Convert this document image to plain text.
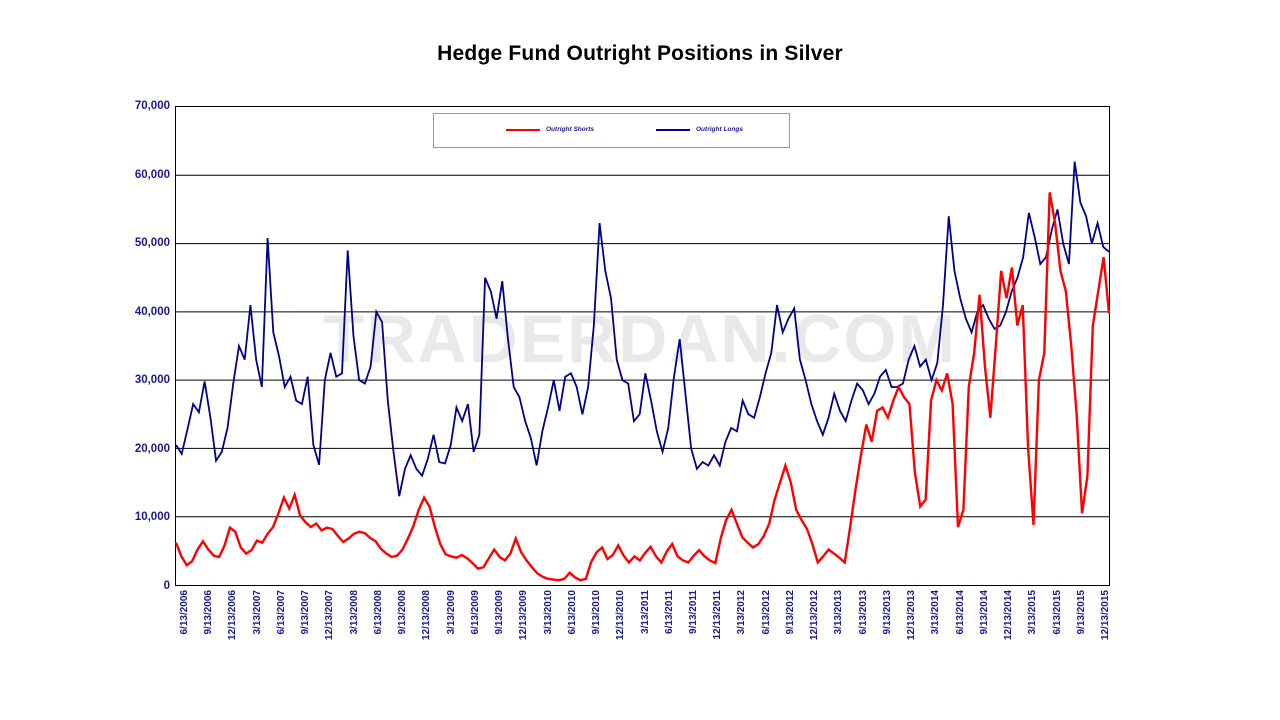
Hedge Fund Outright Positions in Silver
TRADERDAN.COM
0
10,000
20,000
30,000
40,000
50,000
60,000
70,000
Outright Shorts	Outright Longs
6/13/2006 9/13/2006 12/13/2006 3/13/2007 6/13/2007 9/13/2007 12/13/2007 3/13/2008 6/13/2008 9/13/2008 12/13/2008 3/13/2009 6/13/2009 9/13/2009 12/13/2009 3/13/2010 6/13/2010 9/13/2010 12/13/2010 3/13/2011 6/13/2011 9/13/2011 12/13/2011 3/13/2012 6/13/2012 9/13/2012 12/13/2012 3/13/2013 6/13/2013 9/13/2013 12/13/2013 3/13/2014 6/13/2014 9/13/2014 12/13/2014 3/13/2015 6/13/2015 9/13/2015 12/13/2015
